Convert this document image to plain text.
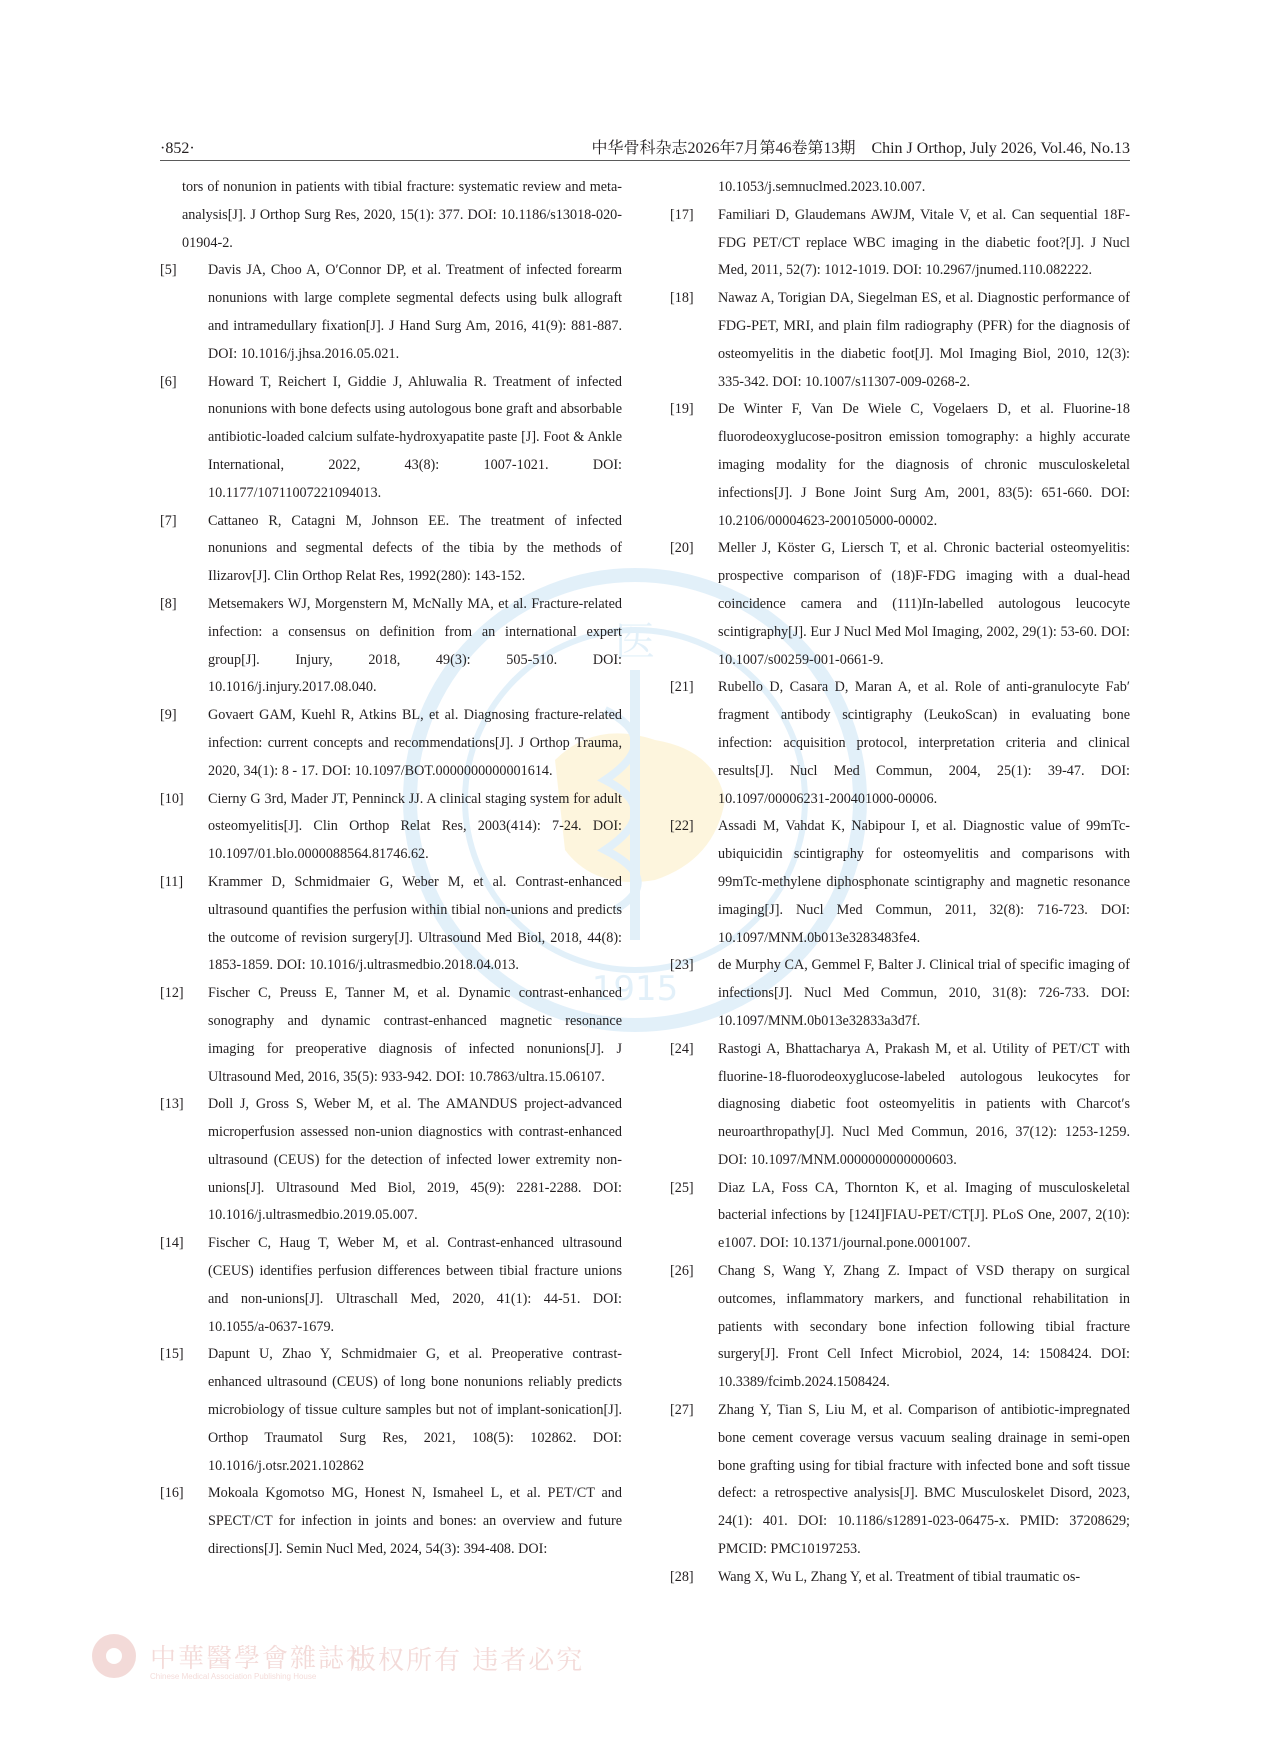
·852·	中华骨科杂志2026年7月第46卷第13期　Chin J Orthop, July 2026, Vol.46, No.13
医
1915
tors of nonunion in patients with tibial fracture: systematic review and meta-analysis[J]. J Orthop Surg Res, 2020, 15(1): 377. DOI: 10.1186/s13018-020-01904-2.
[5] Davis JA, Choo A, O′Connor DP, et al. Treatment of infected forearm nonunions with large complete segmental defects using bulk allograft and intramedullary fixation[J]. J Hand Surg Am, 2016, 41(9): 881-887. DOI: 10.1016/j.jhsa.2016.05.021.
[6] Howard T, Reichert I, Giddie J, Ahluwalia R. Treatment of infected nonunions with bone defects using autologous bone graft and absorbable antibiotic-loaded calcium sulfate-hydroxyapatite paste [J]. Foot & Ankle International, 2022, 43(8): 1007-1021. DOI: 10.1177/10711007221094013.
[7] Cattaneo R, Catagni M, Johnson EE. The treatment of infected nonunions and segmental defects of the tibia by the methods of Ilizarov[J]. Clin Orthop Relat Res, 1992(280): 143-152.
[8] Metsemakers WJ, Morgenstern M, McNally MA, et al. Fracture-related infection: a consensus on definition from an international expert group[J]. Injury, 2018, 49(3): 505-510. DOI: 10.1016/j.injury.2017.08.040.
[9] Govaert GAM, Kuehl R, Atkins BL, et al. Diagnosing fracture-related infection: current concepts and recommendations[J]. J Orthop Trauma, 2020, 34(1): 8 - 17. DOI: 10.1097/BOT.0000000000001614.
[10] Cierny G 3rd, Mader JT, Penninck JJ. A clinical staging system for adult osteomyelitis[J]. Clin Orthop Relat Res, 2003(414): 7-24. DOI: 10.1097/01.blo.0000088564.81746.62.
[11] Krammer D, Schmidmaier G, Weber M, et al. Contrast-enhanced ultrasound quantifies the perfusion within tibial non-unions and predicts the outcome of revision surgery[J]. Ultrasound Med Biol, 2018, 44(8): 1853-1859. DOI: 10.1016/j.ultrasmedbio.2018.04.013.
[12] Fischer C, Preuss E, Tanner M, et al. Dynamic contrast-enhanced sonography and dynamic contrast-enhanced magnetic resonance imaging for preoperative diagnosis of infected nonunions[J]. J Ultrasound Med, 2016, 35(5): 933-942. DOI: 10.7863/ultra.15.06107.
[13] Doll J, Gross S, Weber M, et al. The AMANDUS project-advanced microperfusion assessed non-union diagnostics with contrast-enhanced ultrasound (CEUS) for the detection of infected lower extremity non-unions[J]. Ultrasound Med Biol, 2019, 45(9): 2281-2288. DOI: 10.1016/j.ultrasmedbio.2019.05.007.
[14] Fischer C, Haug T, Weber M, et al. Contrast-enhanced ultrasound (CEUS) identifies perfusion differences between tibial fracture unions and non-unions[J]. Ultraschall Med, 2020, 41(1): 44-51. DOI: 10.1055/a-0637-1679.
[15] Dapunt U, Zhao Y, Schmidmaier G, et al. Preoperative contrast-enhanced ultrasound (CEUS) of long bone nonunions reliably predicts microbiology of tissue culture samples but not of implant-sonication[J]. Orthop Traumatol Surg Res, 2021, 108(5): 102862. DOI: 10.1016/j.otsr.2021.102862
[16] Mokoala Kgomotso MG, Honest N, Ismaheel L, et al. PET/CT and SPECT/CT for infection in joints and bones: an overview and future directions[J]. Semin Nucl Med, 2024, 54(3): 394-408. DOI:
10.1053/j.semnuclmed.2023.10.007.
[17] Familiari D, Glaudemans AWJM, Vitale V, et al. Can sequential 18F-FDG PET/CT replace WBC imaging in the diabetic foot?[J]. J Nucl Med, 2011, 52(7): 1012-1019. DOI: 10.2967/jnumed.110.082222.
[18] Nawaz A, Torigian DA, Siegelman ES, et al. Diagnostic performance of FDG-PET, MRI, and plain film radiography (PFR) for the diagnosis of osteomyelitis in the diabetic foot[J]. Mol Imaging Biol, 2010, 12(3): 335-342. DOI: 10.1007/s11307-009-0268-2.
[19] De Winter F, Van De Wiele C, Vogelaers D, et al. Fluorine-18 fluorodeoxyglucose-positron emission tomography: a highly accurate imaging modality for the diagnosis of chronic musculoskeletal infections[J]. J Bone Joint Surg Am, 2001, 83(5): 651-660. DOI: 10.2106/00004623-200105000-00002.
[20] Meller J, Köster G, Liersch T, et al. Chronic bacterial osteomyelitis: prospective comparison of (18)F-FDG imaging with a dual-head coincidence camera and (111)In-labelled autologous leucocyte scintigraphy[J]. Eur J Nucl Med Mol Imaging, 2002, 29(1): 53-60. DOI: 10.1007/s00259-001-0661-9.
[21] Rubello D, Casara D, Maran A, et al. Role of anti-granulocyte Fab′ fragment antibody scintigraphy (LeukoScan) in evaluating bone infection: acquisition protocol, interpretation criteria and clinical results[J]. Nucl Med Commun, 2004, 25(1): 39-47. DOI: 10.1097/00006231-200401000-00006.
[22] Assadi M, Vahdat K, Nabipour I, et al. Diagnostic value of 99mTc-ubiquicidin scintigraphy for osteomyelitis and comparisons with 99mTc-methylene diphosphonate scintigraphy and magnetic resonance imaging[J]. Nucl Med Commun, 2011, 32(8): 716-723. DOI: 10.1097/MNM.0b013e3283483fe4.
[23] de Murphy CA, Gemmel F, Balter J. Clinical trial of specific imaging of infections[J]. Nucl Med Commun, 2010, 31(8): 726-733. DOI: 10.1097/MNM.0b013e32833a3d7f.
[24] Rastogi A, Bhattacharya A, Prakash M, et al. Utility of PET/CT with fluorine-18-fluorodeoxyglucose-labeled autologous leukocytes for diagnosing diabetic foot osteomyelitis in patients with Charcot′s neuroarthropathy[J]. Nucl Med Commun, 2016, 37(12): 1253-1259. DOI: 10.1097/MNM.0000000000000603.
[25] Diaz LA, Foss CA, Thornton K, et al. Imaging of musculoskeletal bacterial infections by [124I]FIAU-PET/CT[J]. PLoS One, 2007, 2(10): e1007. DOI: 10.1371/journal.pone.0001007.
[26] Chang S, Wang Y, Zhang Z. Impact of VSD therapy on surgical outcomes, inflammatory markers, and functional rehabilitation in patients with secondary bone infection following tibial fracture surgery[J]. Front Cell Infect Microbiol, 2024, 14: 1508424. DOI: 10.3389/fcimb.2024.1508424.
[27] Zhang Y, Tian S, Liu M, et al. Comparison of antibiotic-impregnated bone cement coverage versus vacuum sealing drainage in semi-open bone grafting using for tibial fracture with infected bone and soft tissue defect: a retrospective analysis[J]. BMC Musculoskelet Disord, 2023, 24(1): 401. DOI: 10.1186/s12891-023-06475-x. PMID: 37208629; PMCID: PMC10197253.
[28] Wang X, Wu L, Zhang Y, et al. Treatment of tibial traumatic os-
中華醫學會雜誌社
Chinese Medical Association Publishing House
版权所有 违者必究
